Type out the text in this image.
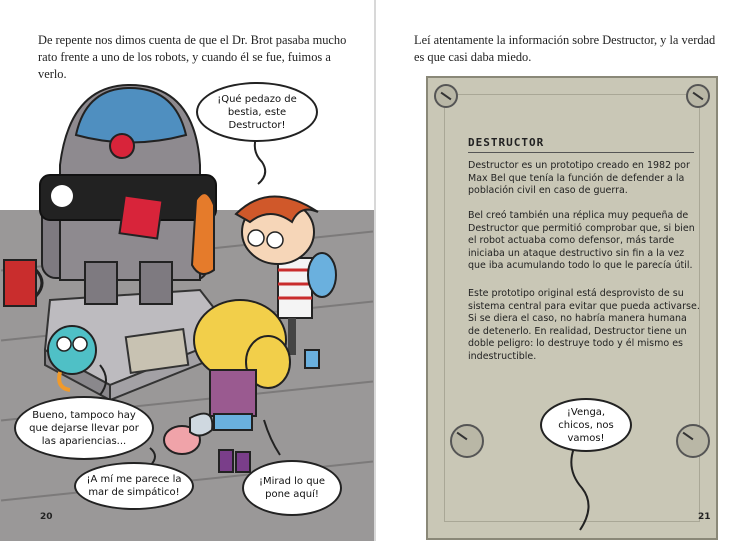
De repente nos dimos cuenta de que el Dr. Brot pasaba mucho rato frente a uno de los robots, y cuando él se fue, fuimos a verlo.
¡Qué pedazo de bestia, este Destructor!
Bueno, tampoco hay que dejarse llevar por las apariencias...
¡A mí me parece la mar de simpático!
¡Mirad lo que pone aquí!
20
Leí atentamente la información sobre Destructor, y la verdad es que casi daba miedo.
DESTRUCTOR
Destructor es un prototipo creado en 1982 por Max Bel que tenía la función de defender a la población civil en caso de guerra.
Bel creó también una réplica muy pequeña de Destructor que permitió comprobar que, si bien el robot actuaba como defensor, más tarde iniciaba un ataque destructivo sin fin a la vez que iba acumulando todo lo que le parecía útil.
Este prototipo original está desprovisto de su sistema central para evitar que pueda activarse. Si se diera el caso, no habría manera humana de detenerlo. En realidad, Destructor tiene un doble peligro: lo destruye todo y él mismo es indestructible.
¡Venga, chicos, nos vamos!
21
